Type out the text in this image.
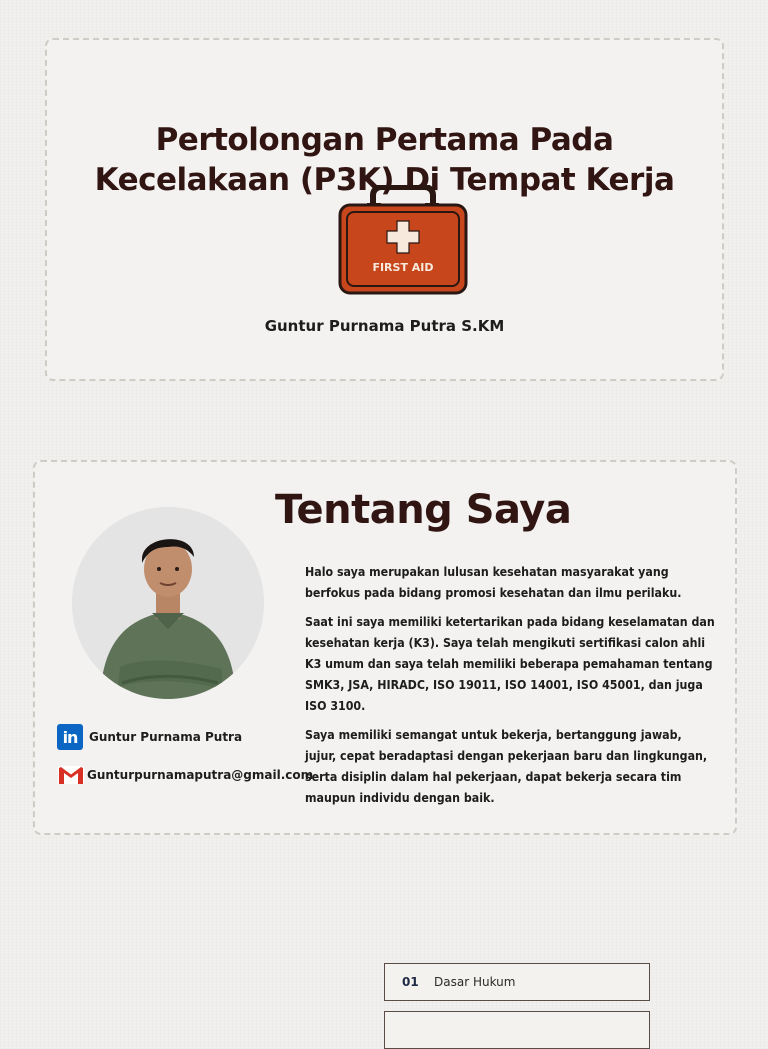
Pertolongan Pertama Pada
Kecelakaan (P3K) Di Tempat Kerja
FIRST AID
Guntur Purnama Putra S.KM
Tentang Saya
in Guntur Purnama Putra
Gunturpurnamaputra@gmail.com

Halo saya merupakan lulusan kesehatan masyarakat yang berfokus pada bidang promosi kesehatan dan ilmu perilaku.

Saat ini saya memiliki ketertarikan pada bidang keselamatan dan kesehatan kerja (K3). Saya telah mengikuti sertifikasi calon ahli K3 umum dan saya telah memiliki beberapa pemahaman tentang SMK3, JSA, HIRADC, ISO 19011, ISO 14001, ISO 45001, dan juga ISO 3100.

Saya memiliki semangat untuk bekerja, bertanggung jawab, jujur, cepat beradaptasi dengan pekerjaan baru dan lingkungan, serta disiplin dalam hal pekerjaan, dapat bekerja secara tim maupun individu dengan baik.

01	Dasar Hukum
